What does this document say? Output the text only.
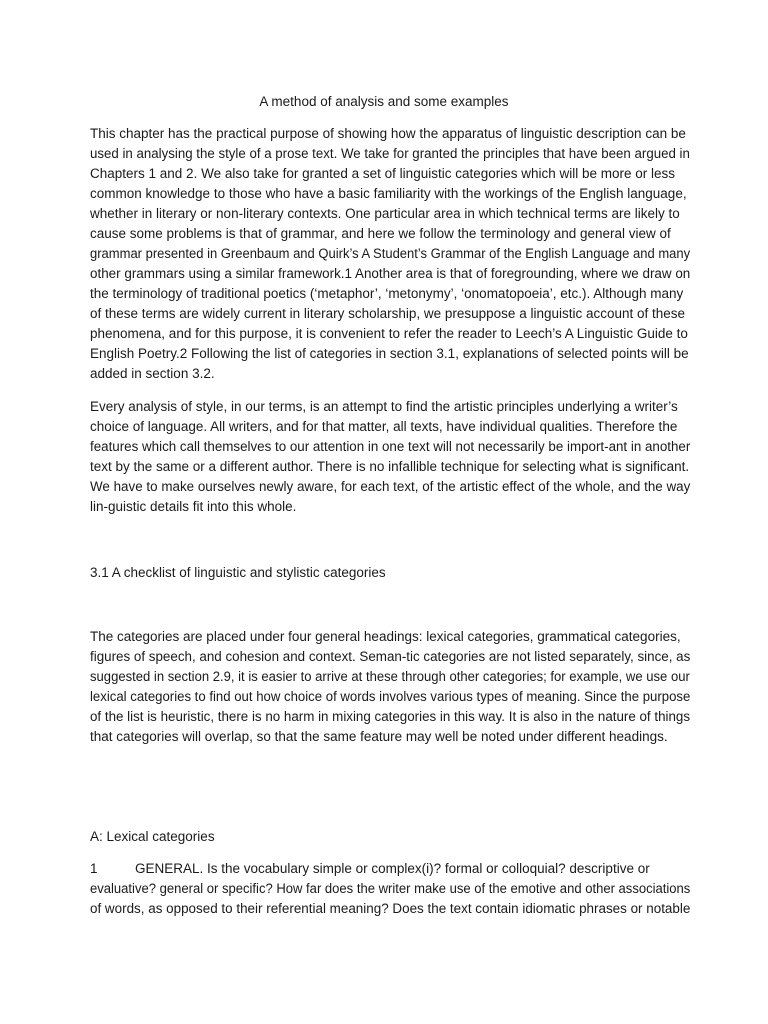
A method of analysis and some examples
This chapter has the practical purpose of showing how the apparatus of linguistic description can be
used in analysing the style of a prose text. We take for granted the principles that have been argued in
Chapters 1 and 2. We also take for granted a set of linguistic categories which will be more or less
common knowledge to those who have a basic familiarity with the workings of the English language,
whether in literary or non-literary contexts. One particular area in which technical terms are likely to
cause some problems is that of grammar, and here we follow the terminology and general view of
grammar presented in Greenbaum and Quirk’s A Student’s Grammar of the English Language and many
other grammars using a similar framework.1 Another area is that of foregrounding, where we draw on
the terminology of traditional poetics (‘metaphor’, ‘metonymy’, ‘onomatopoeia’, etc.). Although many
of these terms are widely current in literary scholarship, we presuppose a linguistic account of these
phenomena, and for this purpose, it is convenient to refer the reader to Leech’s A Linguistic Guide to
English Poetry.2 Following the list of categories in section 3.1, explanations of selected points will be
added in section 3.2.
Every analysis of style, in our terms, is an attempt to find the artistic principles underlying a writer’s
choice of language. All writers, and for that matter, all texts, have individual qualities. Therefore the
features which call themselves to our attention in one text will not necessarily be import-ant in another
text by the same or a different author. There is no infallible technique for selecting what is significant.
We have to make ourselves newly aware, for each text, of the artistic effect of the whole, and the way
lin-guistic details fit into this whole.
3.1 A checklist of linguistic and stylistic categories
The categories are placed under four general headings: lexical categories, grammatical categories,
figures of speech, and cohesion and context. Seman-tic categories are not listed separately, since, as
suggested in section 2.9, it is easier to arrive at these through other categories; for example, we use our
lexical categories to find out how choice of words involves various types of meaning. Since the purpose
of the list is heuristic, there is no harm in mixing categories in this way. It is also in the nature of things
that categories will overlap, so that the same feature may well be noted under different headings.
A: Lexical categories
1	GENERAL. Is the vocabulary simple or complex(i)? formal or colloquial? descriptive or
evaluative? general or specific? How far does the writer make use of the emotive and other associations
of words, as opposed to their referential meaning? Does the text contain idiomatic phrases or notable
